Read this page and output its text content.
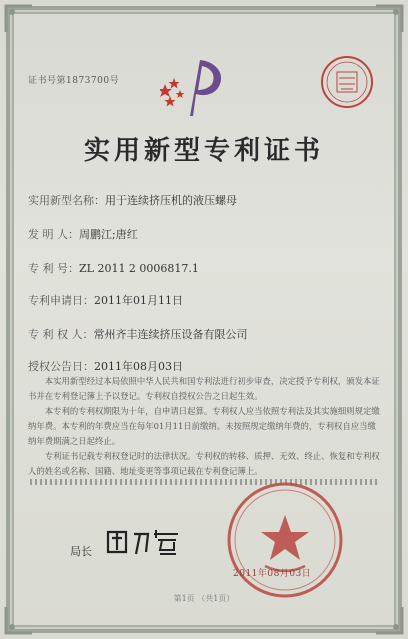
证书号第1873700号
实用新型专利证书
实用新型名称：用于连续挤压机的液压螺母
发 明 人：周鹏江;唐红
专 利 号：ZL 2011 2 0006817.1
专利申请日：2011年01月11日
专 利 权 人：常州齐丰连续挤压设备有限公司
授权公告日：2011年08月03日

本实用新型经过本局依照中华人民共和国专利法进行初步审查，决定授予专利权，颁发本证书并在专利登记簿上予以登记。专利权自授权公告之日起生效。

本专利的专利权期限为十年，自申请日起算。专利权人应当依照专利法及其实施细则规定缴纳年费。本专利的年费应当在每年01月11日前缴纳。未按照规定缴纳年费的，专利权自应当缴纳年费期满之日起终止。

专利证书记载专利权登记时的法律状况。专利权的转移、质押、无效、终止、恢复和专利权人的姓名或名称、国籍、地址变更等事项记载在专利登记簿上。

局长
2011年08月03日
第1页 （共1页）
